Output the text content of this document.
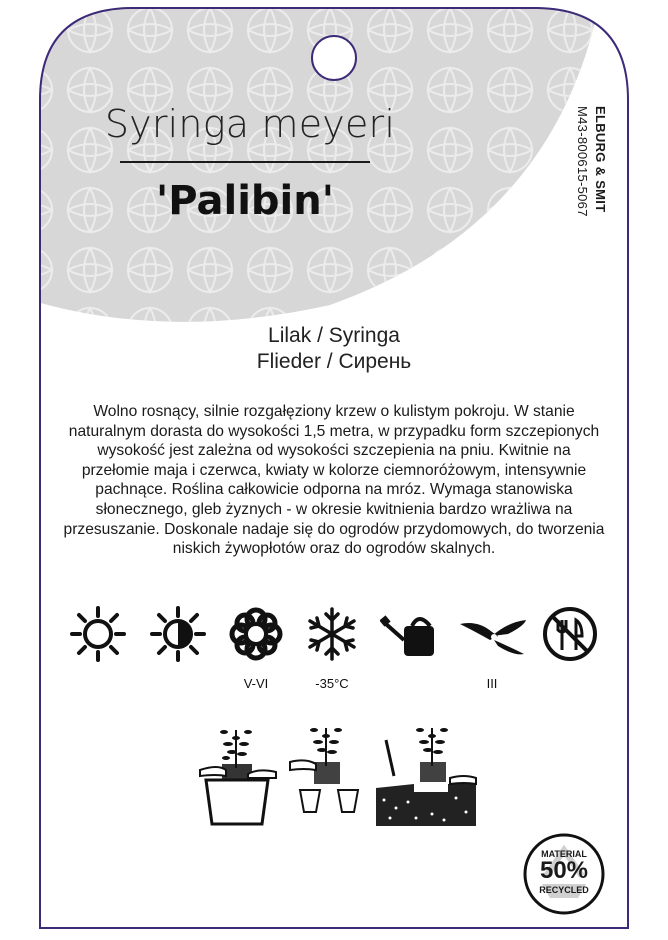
Syringa meyeri
'Palibin'	ELBURG & SMIT
M43-800615-5067
Lilak / Syringa
Flieder / Сирень
Wolno rosnący, silnie rozgałęziony krzew o kulistym pokroju. W stanie naturalnym dorasta do wysokości 1,5 metra, w przypadku form szczepionych wysokość jest zależna od wysokości szczepienia na pniu. Kwitnie na przełomie maja i czerwca, kwiaty w kolorze ciemnoróżowym, intensywnie pachnące. Roślina całkowicie odporna na mróz. Wymaga stanowiska słonecznego, gleb żyznych - w okresie kwitnienia bardzo wrażliwa na przesuszanie. Doskonale nadaje się do ogrodów przydomowych, do tworzenia niskich żywopłotów oraz do ogrodów skalnych.
V-VI	-35°C	III
MATERIAL
50%
RECYCLED
